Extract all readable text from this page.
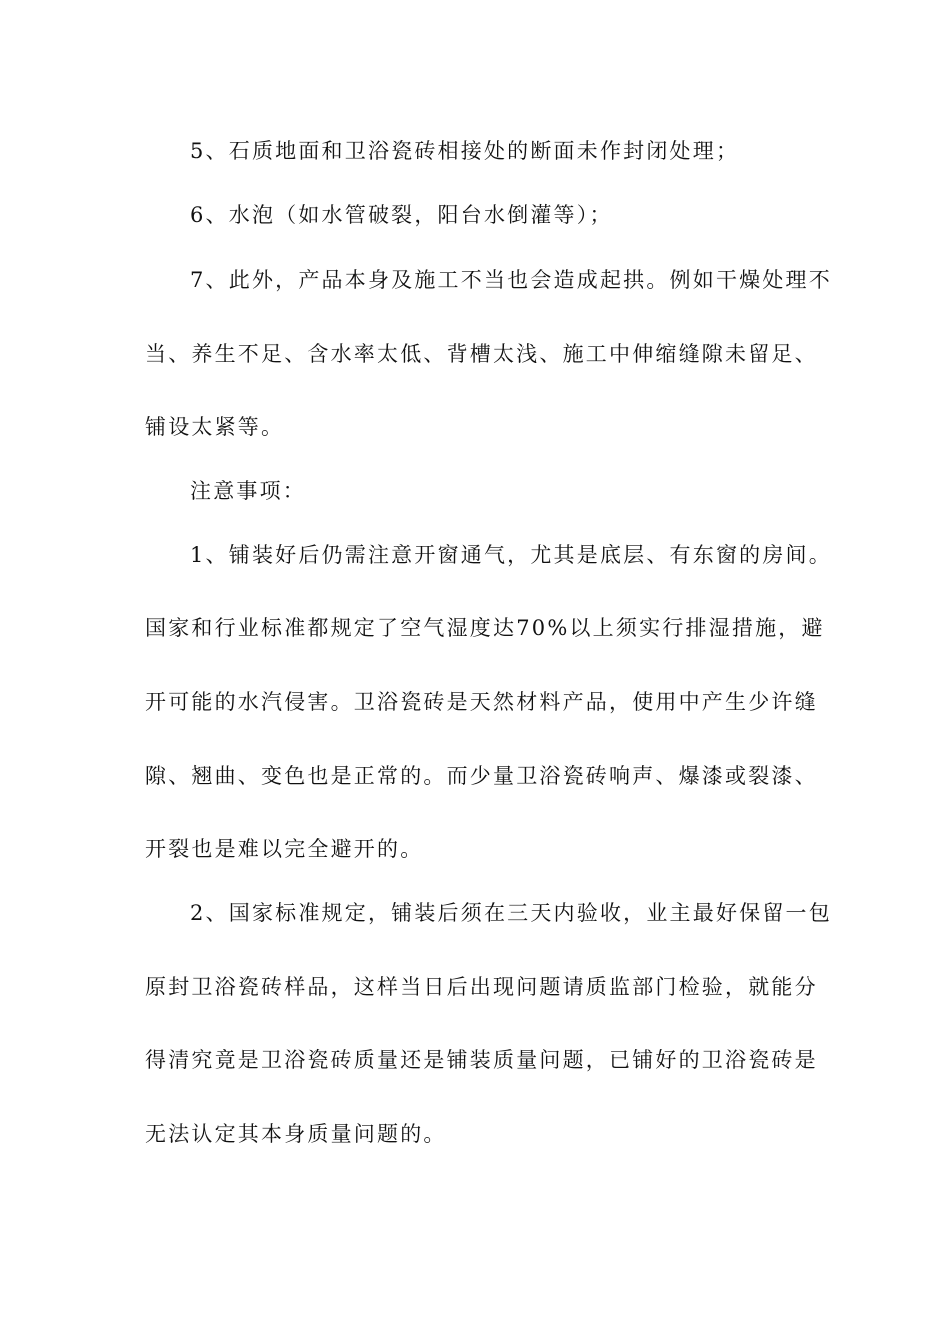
5、石质地面和卫浴瓷砖相接处的断面未作封闭处理；
6、水泡（如水管破裂，阳台水倒灌等）；
7、此外，产品本身及施工不当也会造成起拱。例如干燥处理不
当、养生不足、含水率太低、背槽太浅、施工中伸缩缝隙未留足、
铺设太紧等。
注意事项：
1、铺装好后仍需注意开窗通气，尤其是底层、有东窗的房间。
国家和行业标准都规定了空气湿度达70%以上须实行排湿措施，避
开可能的水汽侵害。卫浴瓷砖是天然材料产品，使用中产生少许缝
隙、翘曲、变色也是正常的。而少量卫浴瓷砖响声、爆漆或裂漆、
开裂也是难以完全避开的。
2、国家标准规定，铺装后须在三天内验收，业主最好保留一包
原封卫浴瓷砖样品，这样当日后出现问题请质监部门检验，就能分
得清究竟是卫浴瓷砖质量还是铺装质量问题，已铺好的卫浴瓷砖是
无法认定其本身质量问题的。
